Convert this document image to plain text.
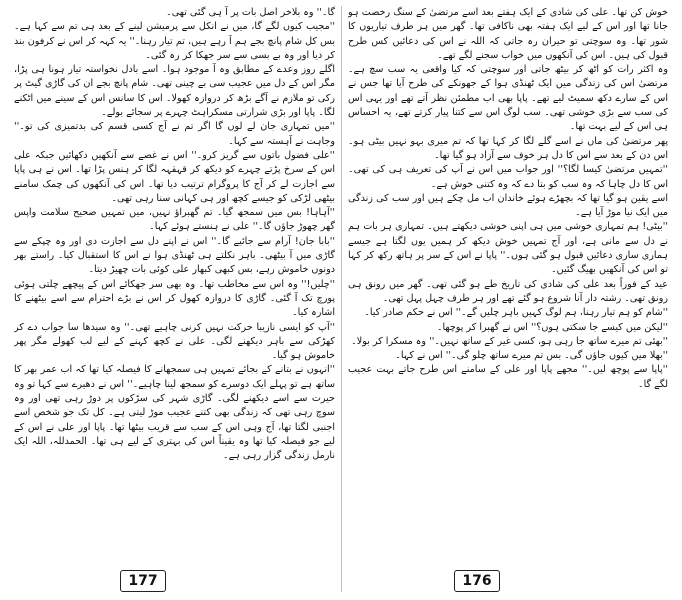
گا۔'' وہ بلاخر اصل بات پر آ ہی گئی تھی۔

''مجیب کیوں لگے گا، میں نے انکل سے پرمیشن لینے کے بعد ہی تم سے کہا ہے۔ بس کل شام پانچ بجے ہم آ رہے ہیں، تم تیار رہنا۔'' یہ کہہ کر اس نے کرفون بند کر دیا اور وہ بے بسی سے سر جھکا کر رہ گئی۔

اگلے روز وعدے کے مطابق وہ آ موجود ہوا۔ اسے بادل نخواستہ تیار ہونا ہی پڑا، مگر اس کے دل میں عجیب سی بے چینی تھی۔ شام پانچ بجے ان کی گاڑی گیٹ پر رکی تو ملازم نے آگے بڑھ کر دروازہ کھولا۔ اس کا سانس اس کے سینے میں اٹکنے لگا۔ پاپا اور بڑی شرارتی مسکراہٹ چہرے پر سجائے بولے۔

''میں تمہاری جان لے لوں گا اگر تم نے آج کسی قسم کی بدتمیزی کی تو۔'' وجاہت نے آہستہ سے کہا۔

''علی فضول باتوں سے گریز کرو۔'' اس نے غصے سے آنکھیں دکھائیں جبکہ علی اس کے سرخ پڑتے چہرے کو دیکھ کر قہقہہ لگا کر ہنس پڑا تھا۔ اس نے ہی پاپا سے اجازت لے کر آج کا پروگرام ترتیب دیا تھا۔ اس کی آنکھوں کی چمک سامنے بیٹھی لڑکی کو جیسے کچھ اور ہی کہانی سنا رہی تھی۔

''آہاہا! بس میں سمجھ گیا۔ تم گھبراؤ نہیں، میں تمہیں صحیح سلامت واپس گھر چھوڑ جاؤں گا۔'' علی نے ہنستے ہوئے کہا۔

''بابا جان! آرام سے جائیے گا۔'' اس نے اپنے دل سے اجازت دی اور وہ چپکے سے گاڑی میں آ بیٹھی۔ باہر نکلتے ہی ٹھنڈی ہوا نے اس کا استقبال کیا۔ راستے بھر دونوں خاموش رہے، بس کبھی کبھار علی کوئی بات چھیڑ دیتا۔

''چلیں!'' وہ اس سے مخاطب تھا۔ وہ بھی سر جھکائے اس کے پیچھے چلتی ہوئی پورچ تک آ گئی۔ گاڑی کا دروازہ کھول کر اس نے بڑے احترام سے اسے بیٹھنے کا اشارہ کیا۔

''آپ کو ایسی نازیبا حرکت نہیں کرنی چاہیے تھی۔'' وہ سیدھا سا جواب دے کر کھڑکی سے باہر دیکھنے لگی۔ علی نے کچھ کہنے کے لیے لب کھولے مگر پھر خاموش ہو گیا۔

''انہوں نے بتانے کے بجائے تمہیں ہی سمجھانے کا فیصلہ کیا تھا کہ اب عمر بھر کا ساتھ ہے تو پہلے ایک دوسرے کو سمجھ لینا چاہیے۔'' اس نے دھیرے سے کہا تو وہ حیرت سے اسے دیکھنے لگی۔ گاڑی شہر کی سڑکوں پر دوڑ رہی تھی اور وہ سوچ رہی تھی کہ زندگی بھی کتنے عجیب موڑ لیتی ہے۔ کل تک جو شخص اسے اجنبی لگتا تھا، آج وہی اس کے سب سے قریب بیٹھا تھا۔ پاپا اور علی نے اس کے لیے جو فیصلہ کیا تھا وہ یقیناً اس کی بہتری کے لیے ہی تھا۔ الحمدللہ، اللہ ایک نارمل زندگی گزار رہی ہے۔

177

خوش کن تھا۔ علی کی شادی کے ایک ہفتے بعد اسے مرتضیٰ کے سنگ رخصت ہو جانا تھا اور اس کے لیے ایک ہفتہ بھی ناکافی تھا۔ گھر میں ہر طرف تیاریوں کا شور تھا۔ وہ سوچتی تو حیران رہ جاتی کہ اللہ نے اس کی دعائیں کس طرح قبول کی ہیں۔ اس کی آنکھوں میں خواب سجنے لگے تھے۔

وہ اکثر رات کو اٹھ کر بیٹھ جاتی اور سوچتی کہ کیا واقعی یہ سب سچ ہے۔ مرتضیٰ اس کی زندگی میں ایک ٹھنڈی ہوا کے جھونکے کی طرح آیا تھا جس نے اس کے سارے دکھ سمیٹ لیے تھے۔ پاپا بھی اب مطمئن نظر آتے تھے اور یہی اس کی سب سے بڑی خوشی تھی۔ سب لوگ اس سے کتنا پیار کرتے تھے، یہ احساس ہی اس کے لیے بہت تھا۔

پھر مرتضیٰ کی ماں نے اسے گلے لگا کر کہا تھا کہ تم میری بہو نہیں بیٹی ہو۔ اس دن کے بعد سے اس کا دل ہر خوف سے آزاد ہو گیا تھا۔

''تمہیں مرتضیٰ کیسا لگا؟'' اور جواب میں اس نے آپ کی تعریف ہی کی تھی۔ اس کا دل چاہا کہ وہ سب کو بتا دے کہ وہ کتنی خوش ہے۔

اسے یقین ہو گیا تھا کہ بچھڑے ہوئے خاندان اب مل چکے ہیں اور سب کی زندگی میں ایک نیا موڑ آیا ہے۔

''بیٹی! ہم تمہاری خوشی میں ہی اپنی خوشی دیکھتے ہیں۔ تمہاری ہر بات ہم نے دل سے مانی ہے، اور آج تمہیں خوش دیکھ کر ہمیں یوں لگتا ہے جیسے ہماری ساری دعائیں قبول ہو گئی ہوں۔'' پاپا نے اس کے سر پر ہاتھ رکھ کر کہا تو اس کی آنکھیں بھیگ گئیں۔

عید کے فوراً بعد علی کی شادی کی تاریخ طے ہو گئی تھی۔ گھر میں رونق ہی رونق تھی۔ رشتہ دار آنا شروع ہو گئے تھے اور ہر طرف چہل پہل تھی۔

''شام کو ہم تیار رہنا، ہم لوگ کہیں باہر چلیں گے۔'' اس نے حکم صادر کیا۔

''لیکن میں کیسے جا سکتی ہوں؟'' اس نے گھبرا کر پوچھا۔

''بھئی تم میرے ساتھ جا رہی ہو، کسی غیر کے ساتھ نہیں۔'' وہ مسکرا کر بولا۔

''بھلا میں کیوں جاؤں گی۔ بس تم میرے ساتھ چلو گی۔'' اس نے کہا۔

''پاپا سے پوچھ لیں۔'' مجھے پاپا اور علی کے سامنے اس طرح جاتے بہت عجیب لگے گا۔

176
